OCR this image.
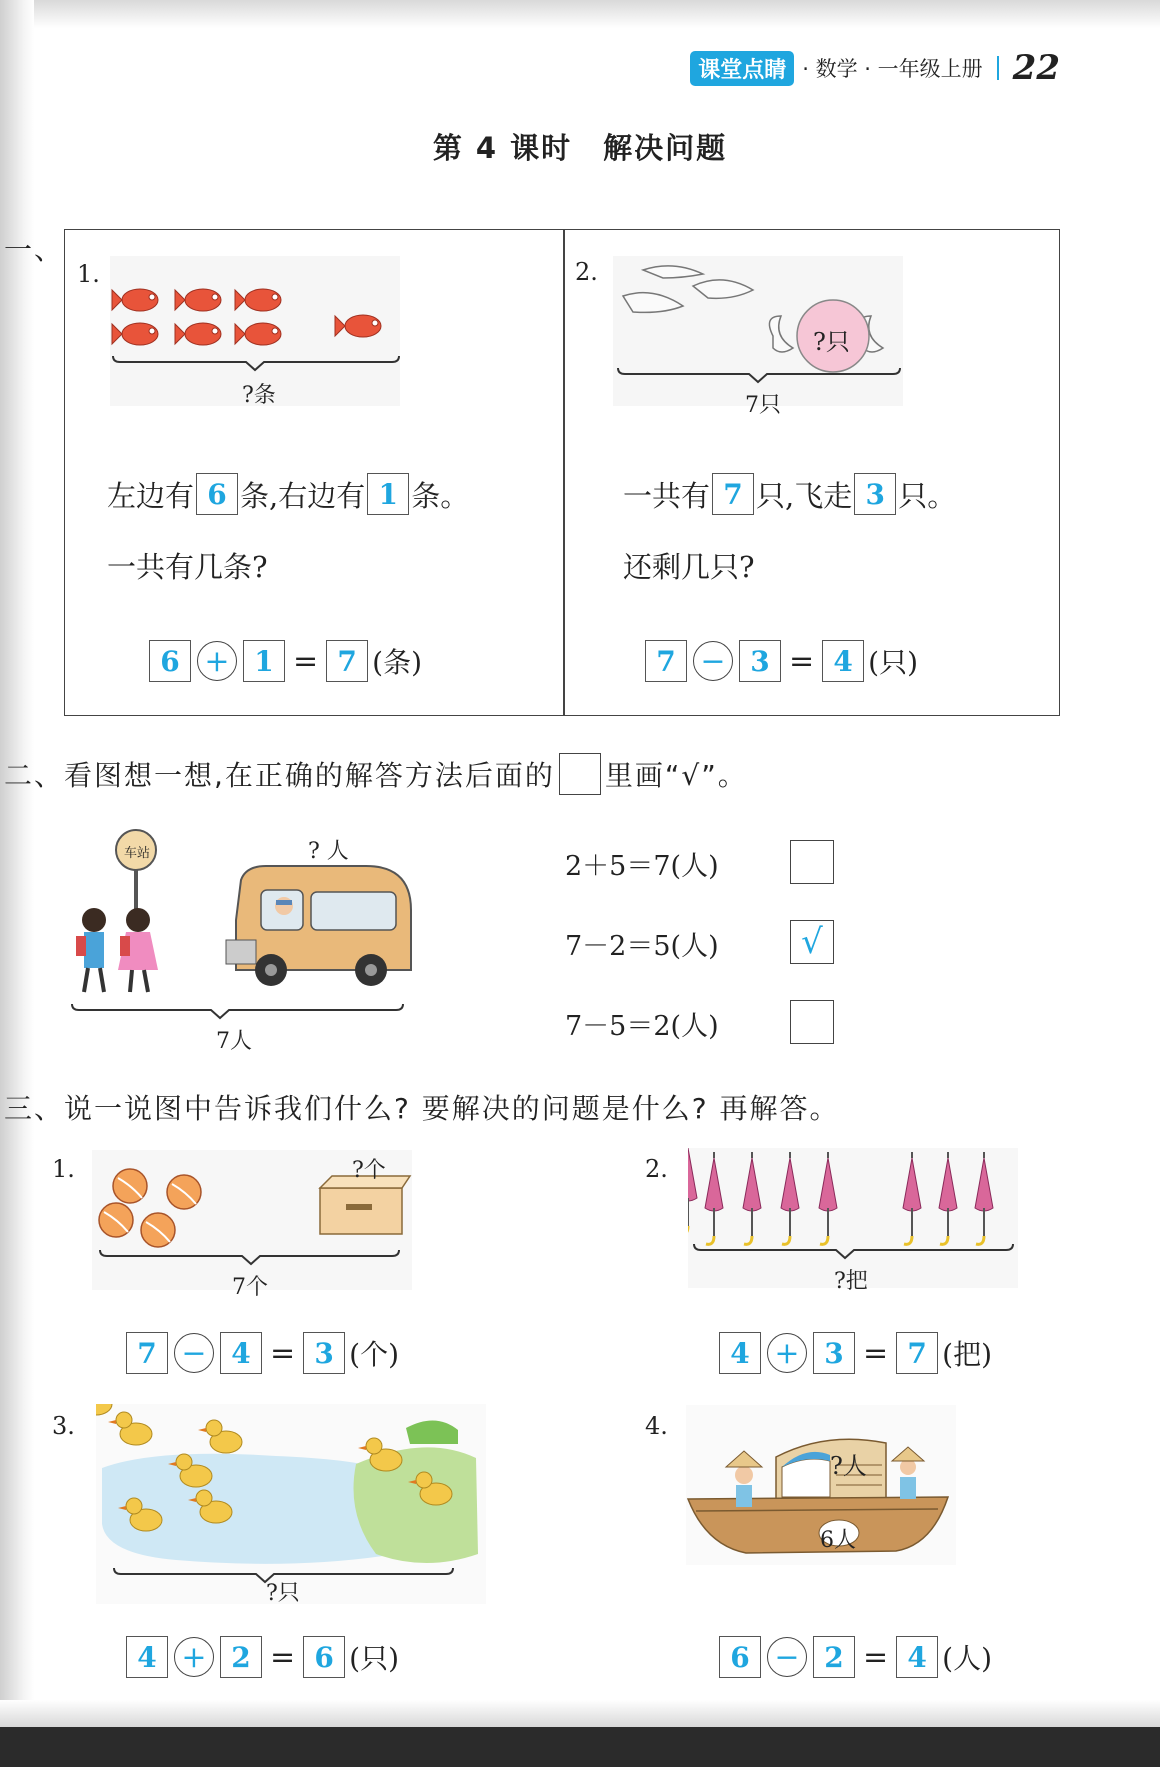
课堂点睛 · 数学 · 一年级上册 22
第 4 课时　解决问题
一、
1.
?条
左边有 6 条,右边有 1 条。
一共有几条?
6 + 1 = 7 (条)
2.
?只
7只
一共有 7 只,飞走 3 只。
还剩几只?
7 − 3 = 4 (只)
二、看图想一想,在正确的解答方法后面的 里画“√”。
车站	? 人
7人
2＋5＝7(人)
7－2＝5(人)	√
7－5＝2(人)
三、说一说图中告诉我们什么? 要解决的问题是什么? 再解答。
1.	?个
7个
7 − 4 = 3 (个)
2.
?把
4 + 3 = 7 (把)
3.
?只
4 + 2 = 6 (只)
4.
?人
6人
6 − 2 = 4 (人)
